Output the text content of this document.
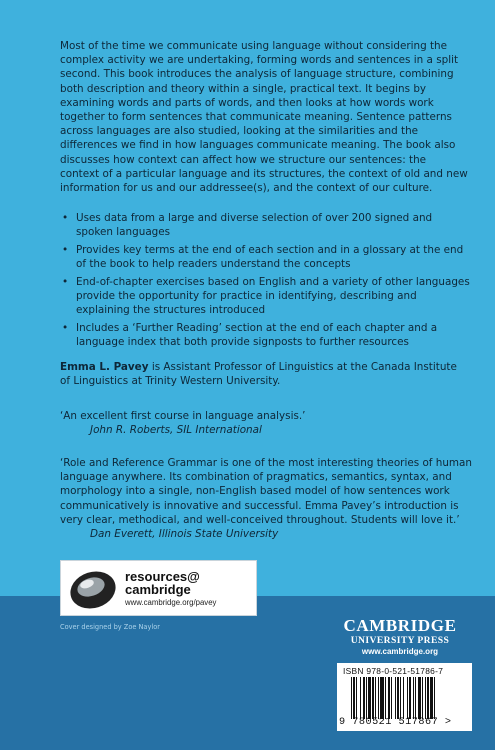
Most of the time we communicate using language without considering the complex activity we are undertaking, forming words and sentences in a split second. This book introduces the analysis of language structure, combining both description and theory within a single, practical text. It begins by examining words and parts of words, and then looks at how words work together to form sentences that communicate meaning. Sentence patterns across languages are also studied, looking at the similarities and the differences we find in how languages communicate meaning. The book also discusses how context can affect how we structure our sentences: the context of a particular language and its structures, the context of old and new information for us and our addressee(s), and the context of our culture.

• Uses data from a large and diverse selection of over 200 signed and spoken languages
• Provides key terms at the end of each section and in a glossary at the end of the book to help readers understand the concepts
• End-of-chapter exercises based on English and a variety of other languages provide the opportunity for practice in identifying, describing and explaining the structures introduced
• Includes a ‘Further Reading’ section at the end of each chapter and a language index that both provide signposts to further resources

Emma L. Pavey is Assistant Professor of Linguistics at the Canada Institute of Linguistics at Trinity Western University.

‘An excellent first course in language analysis.’
John R. Roberts, SIL International
‘Role and Reference Grammar is one of the most interesting theories of human language anywhere. Its combination of pragmatics, semantics, syntax, and morphology into a single, non-English based model of how sentences work communicatively is innovative and successful. Emma Pavey’s introduction is very clear, methodical, and well-conceived throughout. Students will love it.’
Dan Everett, Illinois State University
resources@
cambridge
www.cambridge.org/pavey
Cover designed by Zoe Naylor	CAMBRIDGE
UNIVERSITY PRESS
www.cambridge.org
ISBN 978-0-521-51786-7
9 780521 517867 >
